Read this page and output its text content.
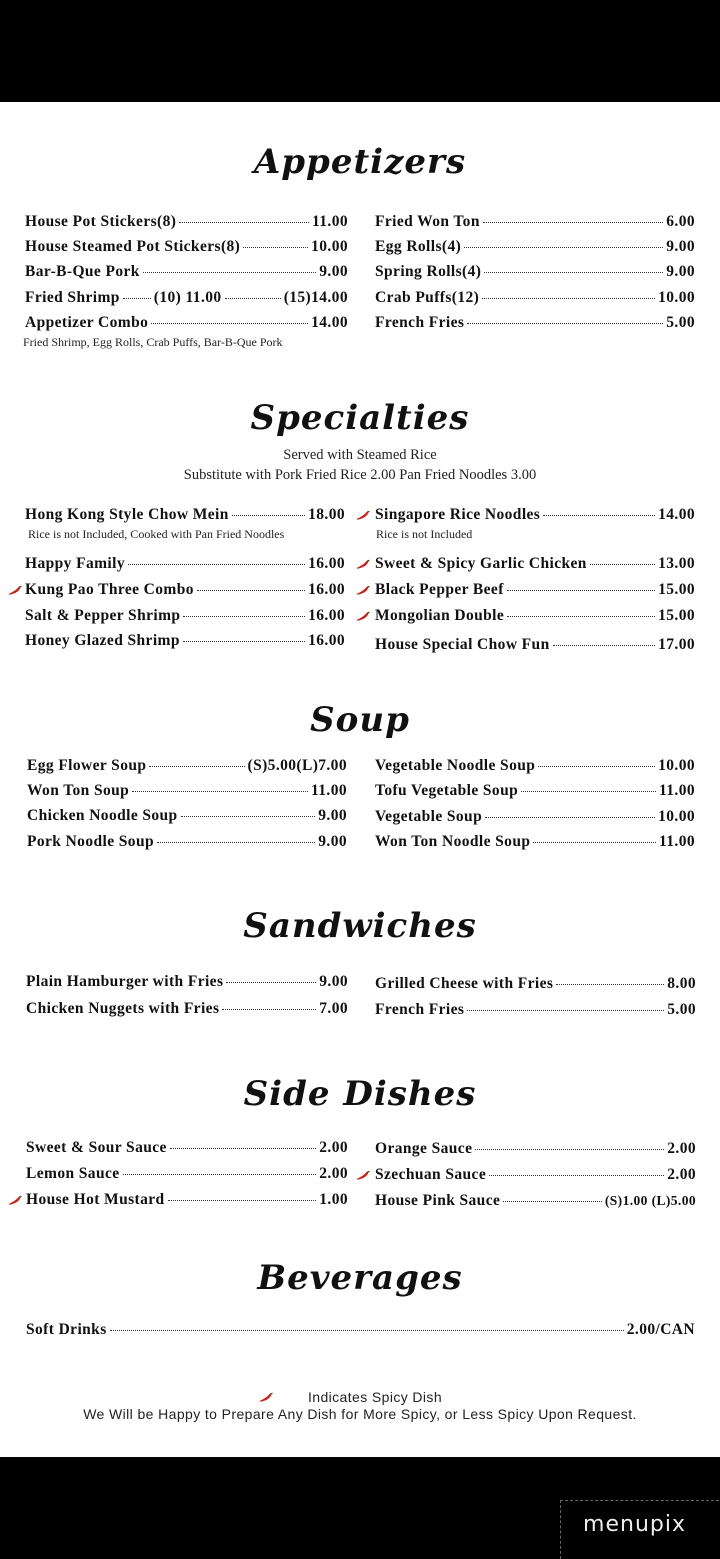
Appetizers
House Pot Stickers(8)	11.00
House Steamed Pot Stickers(8)	10.00
Bar-B-Que Pork	9.00
Fried Shrimp (10) 11.00	(15)14.00
Appetizer Combo	14.00
Fried Shrimp, Egg Rolls, Crab Puffs, Bar-B-Que Pork
Fried Won Ton	6.00
Egg Rolls(4)	9.00
Spring Rolls(4)	9.00
Crab Puffs(12)	10.00
French Fries	5.00
Specialties
Served with Steamed Rice
Substitute with Pork Fried Rice 2.00 Pan Fried Noodles 3.00
Hong Kong Style Chow Mein	18.00
Rice is not Included, Cooked with Pan Fried Noodles
Happy Family	16.00
Kung Pao Three Combo	16.00
Salt & Pepper Shrimp	16.00
Honey Glazed Shrimp	16.00
Singapore Rice Noodles	14.00
Rice is not Included
Sweet & Spicy Garlic Chicken	13.00
Black Pepper Beef	15.00
Mongolian Double	15.00
House Special Chow Fun	17.00
Soup
Egg Flower Soup	(S)5.00(L)7.00
Won Ton Soup	11.00
Chicken Noodle Soup	9.00
Pork Noodle Soup	9.00
Vegetable Noodle Soup	10.00
Tofu Vegetable Soup	11.00
Vegetable Soup	10.00
Won Ton Noodle Soup	11.00
Sandwiches
Plain Hamburger with Fries	9.00
Chicken Nuggets with Fries	7.00
Grilled Cheese with Fries	8.00
French Fries	5.00
Side Dishes
Sweet & Sour Sauce	2.00
Lemon Sauce	2.00
House Hot Mustard	1.00
Orange Sauce	2.00
Szechuan Sauce	2.00
House Pink Sauce	(S)1.00 (L)5.00
Beverages
Soft Drinks	2.00/CAN
Indicates Spicy Dish
We Will be Happy to Prepare Any Dish for More Spicy, or Less Spicy Upon Request.
menupix
